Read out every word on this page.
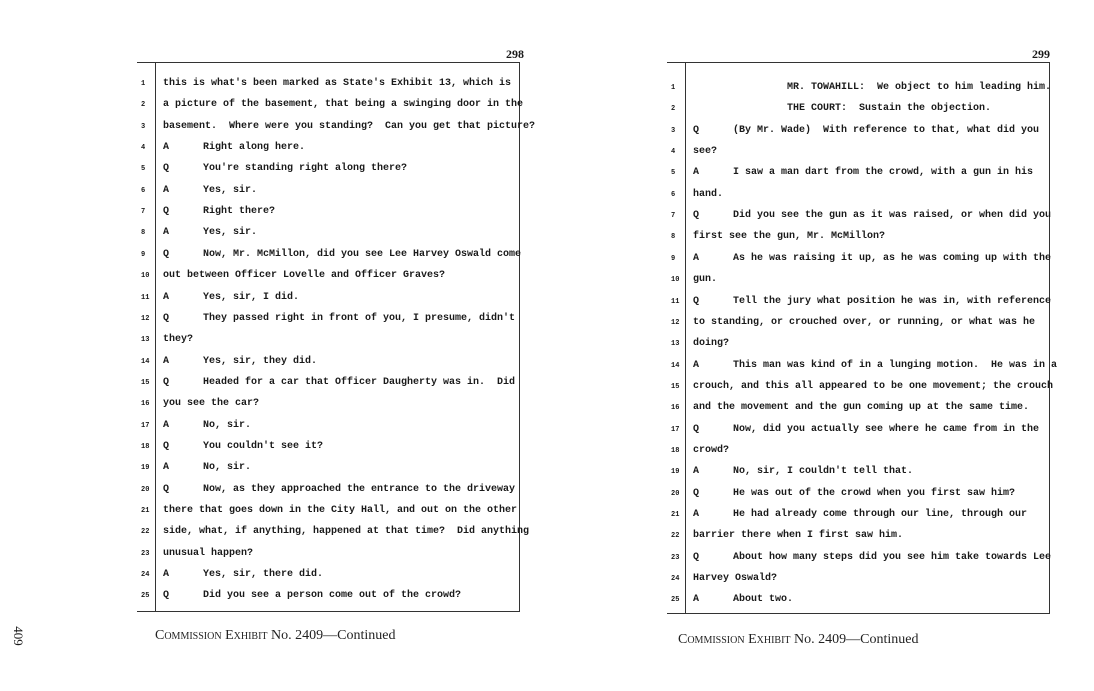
298
1	this is what's been marked as State's Exhibit 13, which is
2	a picture of the basement, that being a swinging door in the
3	basement.  Where were you standing?  Can you get that picture?
4	A	Right along here.
5	Q	You're standing right along there?
6	A	Yes, sir.
7	Q	Right there?
8	A	Yes, sir.
9	Q	Now, Mr. McMillon, did you see Lee Harvey Oswald come
10	out between Officer Lovelle and Officer Graves?
11	A	Yes, sir, I did.
12	Q	They passed right in front of you, I presume, didn't
13	they?
14	A	Yes, sir, they did.
15	Q	Headed for a car that Officer Daugherty was in.  Did
16	you see the car?
17	A	No, sir.
18	Q	You couldn't see it?
19	A	No, sir.
20	Q	Now, as they approached the entrance to the driveway
21	there that goes down in the City Hall, and out on the other
22	side, what, if anything, happened at that time?  Did anything
23	unusual happen?
24	A	Yes, sir, there did.
25	Q	Did you see a person come out of the crowd?
Commission Exhibit No. 2409—Continued
299
1	MR. TOWAHILL:  We object to him leading him.
2	THE COURT:  Sustain the objection.
3	Q	(By Mr. Wade)  With reference to that, what did you
4	see?
5	A	I saw a man dart from the crowd, with a gun in his
6	hand.
7	Q	Did you see the gun as it was raised, or when did you
8	first see the gun, Mr. McMillon?
9	A	As he was raising it up, as he was coming up with the
10	gun.
11	Q	Tell the jury what position he was in, with reference
12	to standing, or crouched over, or running, or what was he
13	doing?
14	A	This man was kind of in a lunging motion.  He was in a
15	crouch, and this all appeared to be one movement; the crouch
16	and the movement and the gun coming up at the same time.
17	Q	Now, did you actually see where he came from in the
18	crowd?
19	A	No, sir, I couldn't tell that.
20	Q	He was out of the crowd when you first saw him?
21	A	He had already come through our line, through our
22	barrier there when I first saw him.
23	Q	About how many steps did you see him take towards Lee
24	Harvey Oswald?
25	A	About two.
Commission Exhibit No. 2409—Continued
409
